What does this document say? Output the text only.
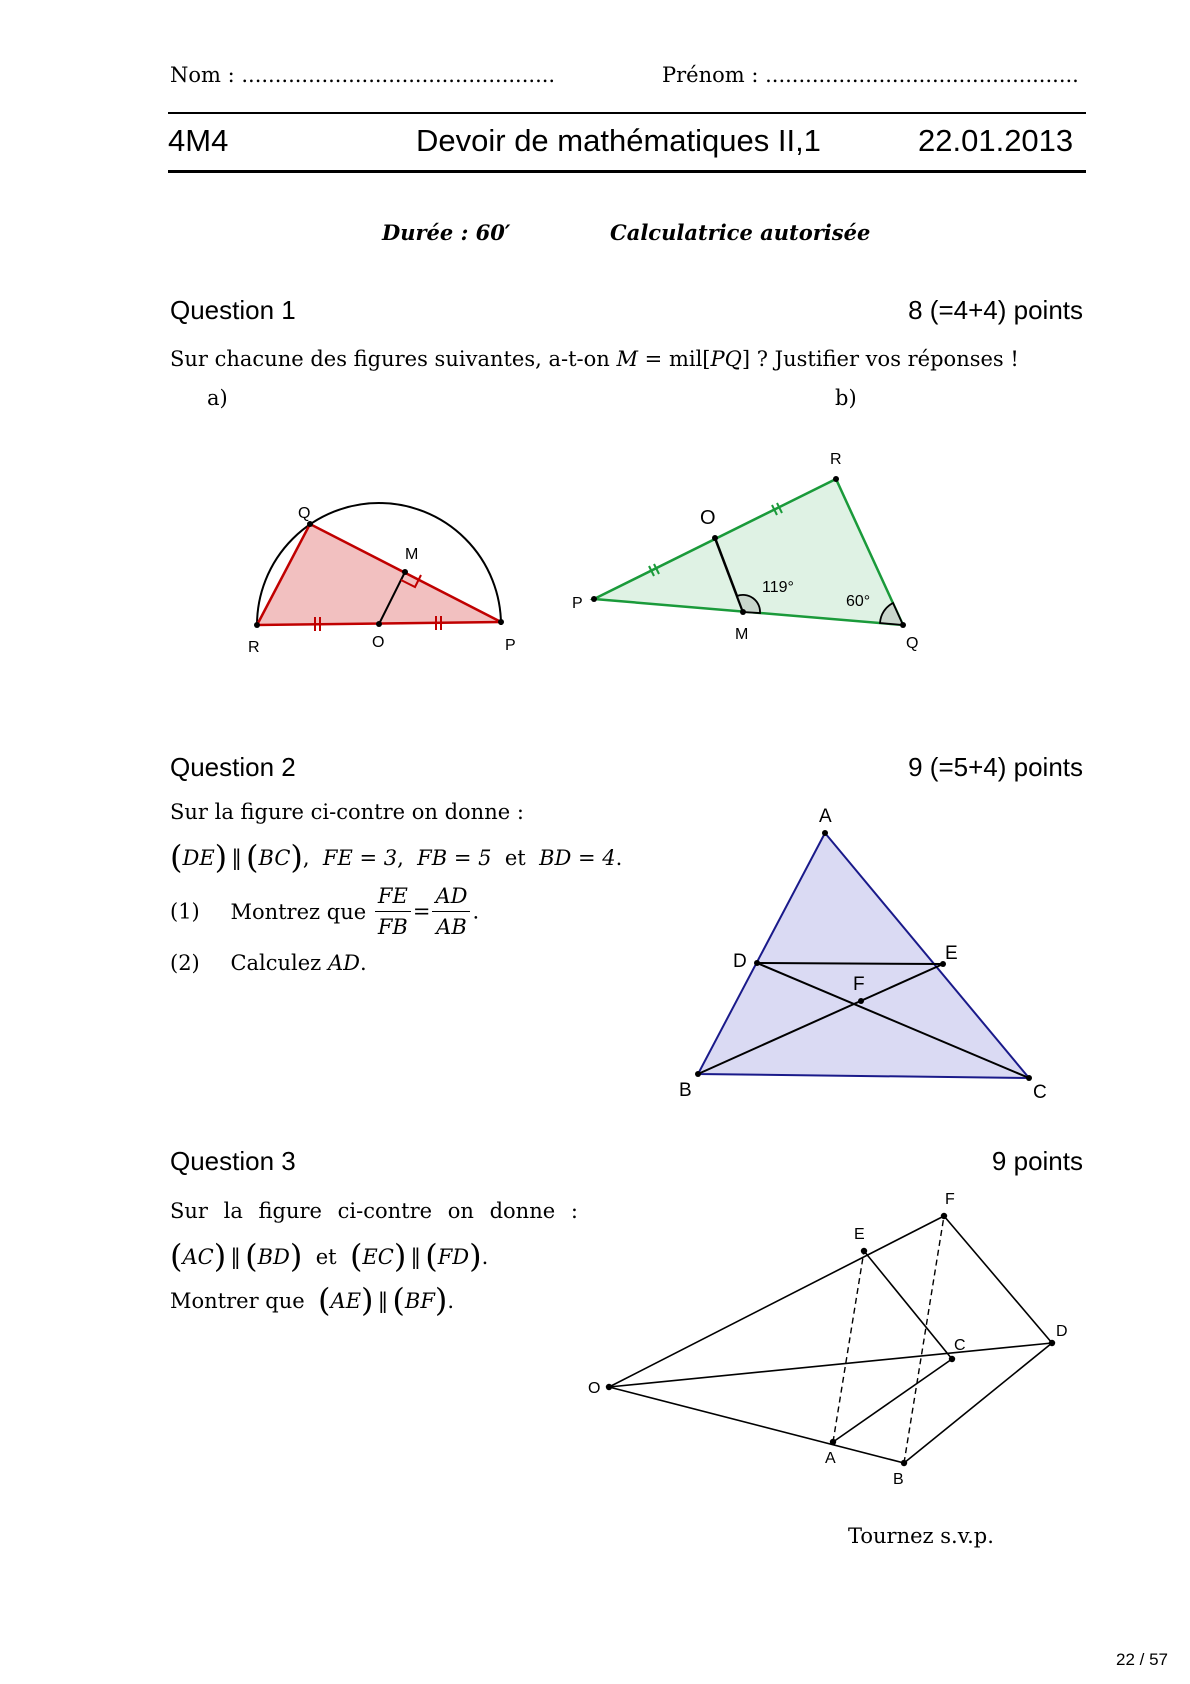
Nom : ...............................................	Prénom : ...............................................
4M4	Devoir de mathématiques II,1	22.01.2013
Durée : 60′	Calculatrice autorisée
Question 1	8 (=4+4) points
Sur chacune des figures suivantes, a-t-on M = mil[PQ] ? Justifier vos réponses !
a)	b)
Q
M
R	O	P
R
O
P
M
Q
119°
60°
Question 2	9 (=5+4) points
Sur la figure ci-contre on donne :
(DE) ‖ (BC),  FE = 3,  FB = 5 et BD = 4.
(1) Montrez que $\frac{FE}{FB} = \frac{AD}{AB}$ .
(2) Calculez AD.
A
D	E
F
B	C
Question 3	9 points
Sur la figure ci-contre on donne :
(AC) ‖ (BD) et (EC) ‖ (FD).
Montrer que (AE) ‖ (BF).
F
E
C
D
O
A
B
Tournez s.v.p.
22 / 57
